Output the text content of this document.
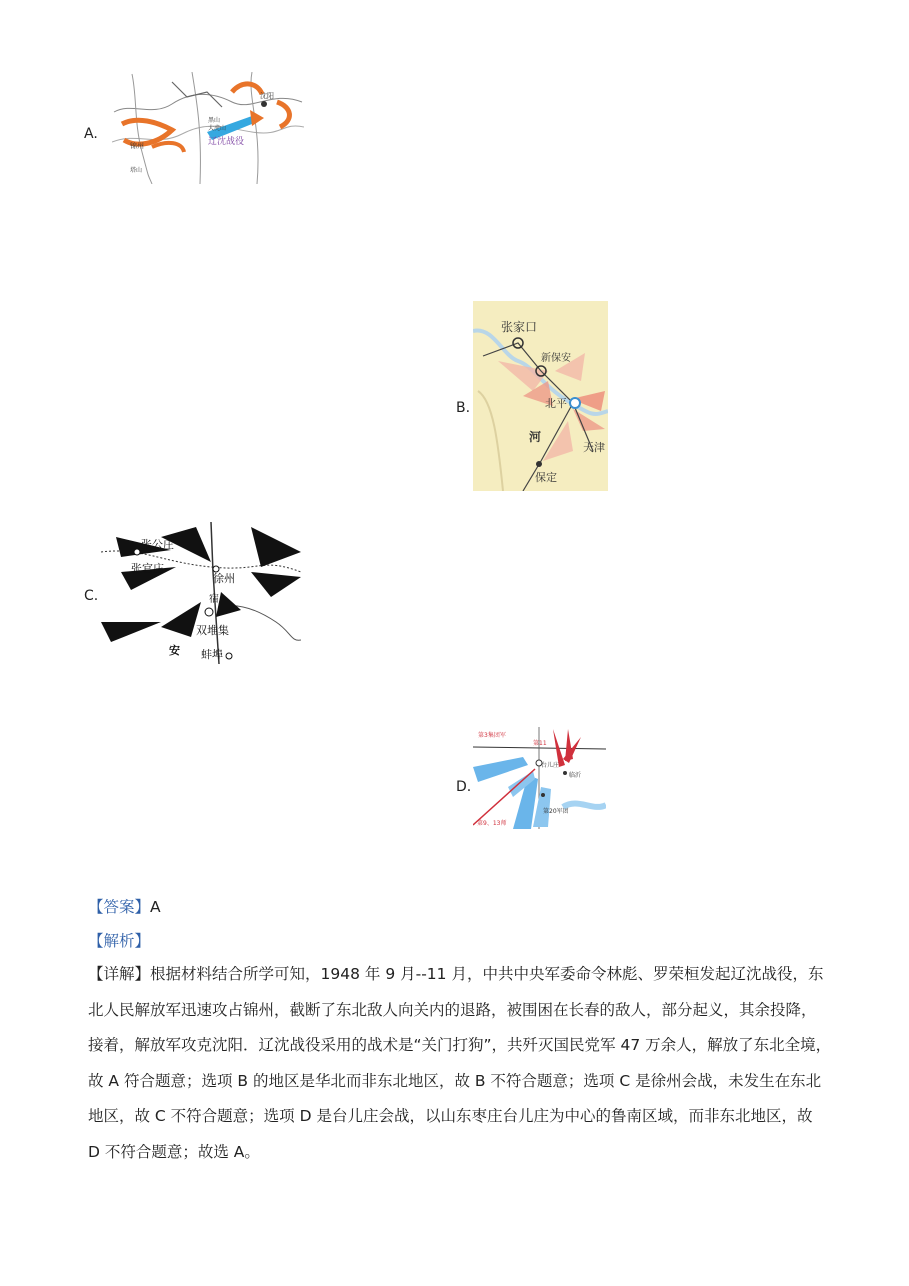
A.
沈阳
锦州
黑山
大虎山
辽沈战役
塔山
B.
张家口
新保安
北平
天津
河
保定
C.
张公庄
张官庄
徐州
双堆集
蚌埠
安
宿
D.
第3集团军
第11
台儿庄
临沂
第9、13师
第20军团

【答案】A

【解析】

【详解】根据材料结合所学可知，1948 年 9 月--11 月，中共中央军委命令林彪、罗荣桓发起辽沈战役，东

北人民解放军迅速攻占锦州，截断了东北敌人向关内的退路，被围困在长春的敌人，部分起义，其余投降，

接着，解放军攻克沈阳．辽沈战役采用的战术是“关门打狗”，共歼灭国民党军 47 万余人，解放了东北全境，

故 A 符合题意；选项 B 的地区是华北而非东北地区，故 B 不符合题意；选项 C 是徐州会战，未发生在东北

地区，故 C 不符合题意；选项 D 是台儿庄会战，以山东枣庄台儿庄为中心的鲁南区域，而非东北地区，故

D 不符合题意；故选 A。
